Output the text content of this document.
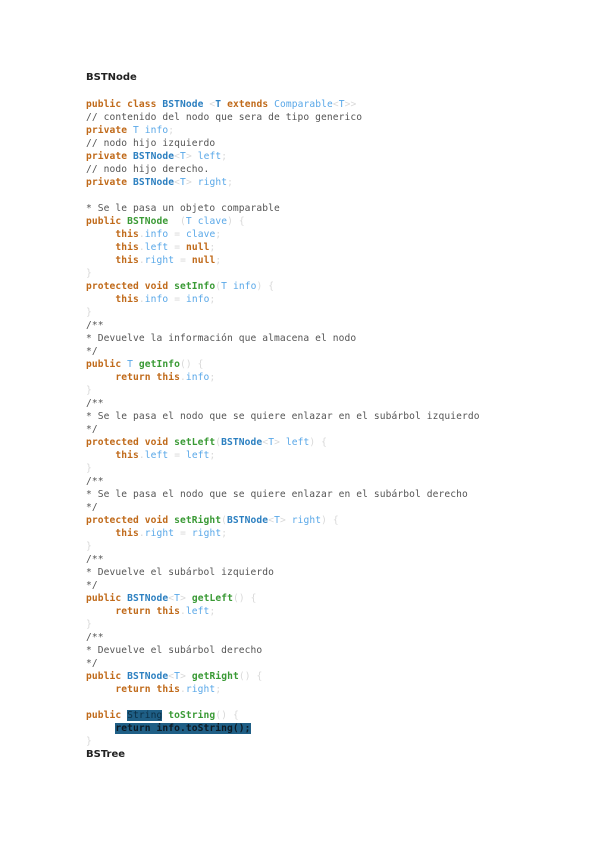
BSTNode
public class BSTNode <T extends Comparable<T>>
// contenido del nodo que sera de tipo generico
private T info;
// nodo hijo izquierdo
private BSTNode<T> left;
// nodo hijo derecho.
private BSTNode<T> right;

* Se le pasa un objeto comparable
public BSTNode  (T clave) {
this.info = clave;
this.left = null;
this.right = null;
}
protected void setInfo(T info) {
this.info = info;
}
/**
* Devuelve la información que almacena el nodo
*/
public T getInfo() {
return this.info;
}
/**
* Se le pasa el nodo que se quiere enlazar en el subárbol izquierdo
*/
protected void setLeft(BSTNode<T> left) {
this.left = left;
}
/**
* Se le pasa el nodo que se quiere enlazar en el subárbol derecho
*/
protected void setRight(BSTNode<T> right) {
this.right = right;
}
/**
* Devuelve el subárbol izquierdo
*/
public BSTNode<T> getLeft() {
return this.left;
}
/**
* Devuelve el subárbol derecho
*/
public BSTNode<T> getRight() {
return this.right;

public String toString() {
return info.toString();
}
BSTree
